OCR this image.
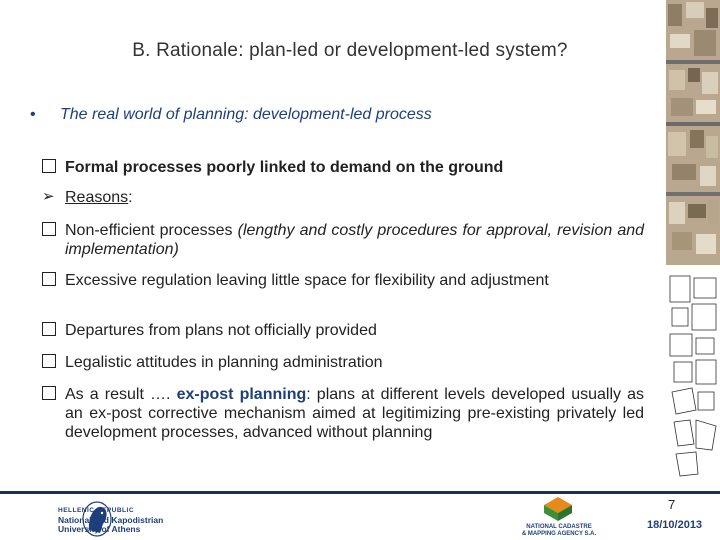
B. Rationale: plan-led or development-led system?
• The real world of planning: development-led process
Formal processes poorly linked to demand on the ground
➢ Reasons:
Non-efficient processes (lengthy and costly procedures for approval, revision and implementation)
Excessive regulation leaving little space for flexibility and adjustment
Departures from plans not officially provided
Legalistic attitudes in planning administration
As a result …. ex-post planning: plans at different levels developed usually as an ex-post corrective mechanism aimed at legitimizing pre-existing privately led development processes, advanced without planning
HELLENIC REPUBLIC
National and Kapodistrian
University of Athens	NATIONAL CADASTRE
& MAPPING AGENCY S.A.
7
18/10/2013
